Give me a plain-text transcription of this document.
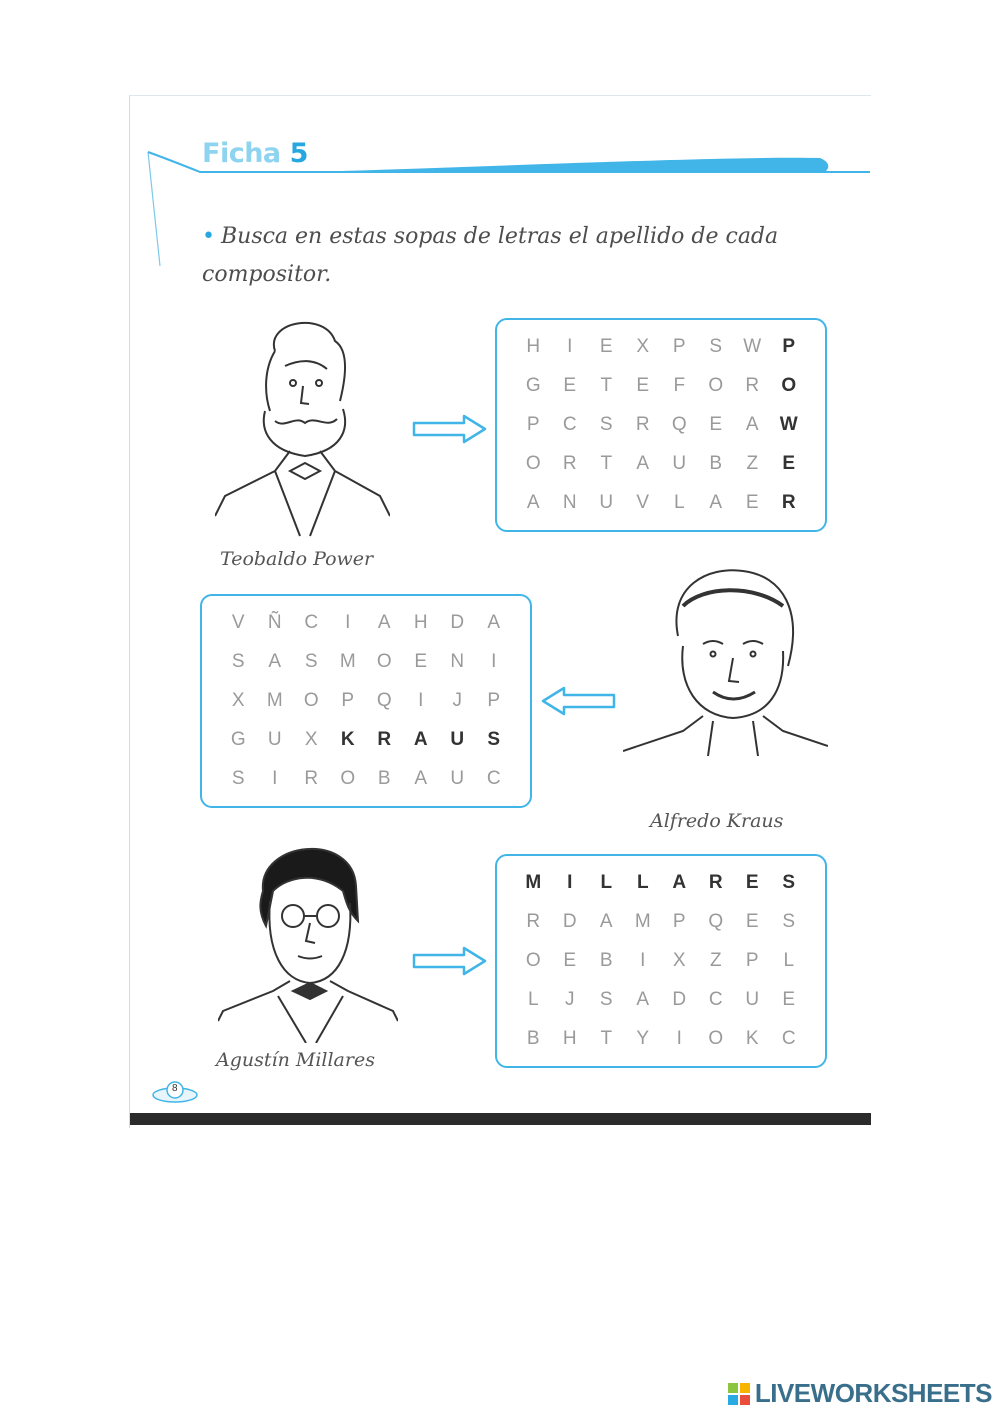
Ficha 5
• Busca en estas sopas de letras el apellido de cada compositor.
Teobaldo Power
H	I	E	X	P	S	W	P
G	E	T	E	F	O	R	O
P	C	S	R	Q	E	A	W
O	R	T	A	U	B	Z	E
A	N	U	V	L	A	E	R
V	Ñ	C	I	A	H	D	A
S	A	S	M	O	E	N	I
X	M	O	P	Q	I	J	P
G	U	X	K	R	A	U	S
S	I	R	O	B	A	U	C
Alfredo Kraus
Agustín Millares
M	I	L	L	A	R	E	S
R	D	A	M	P	Q	E	S
O	E	B	I	X	Z	P	L
L	J	S	A	D	C	U	E
B	H	T	Y	I	O	K	C
8
LIVEWORKSHEETS
